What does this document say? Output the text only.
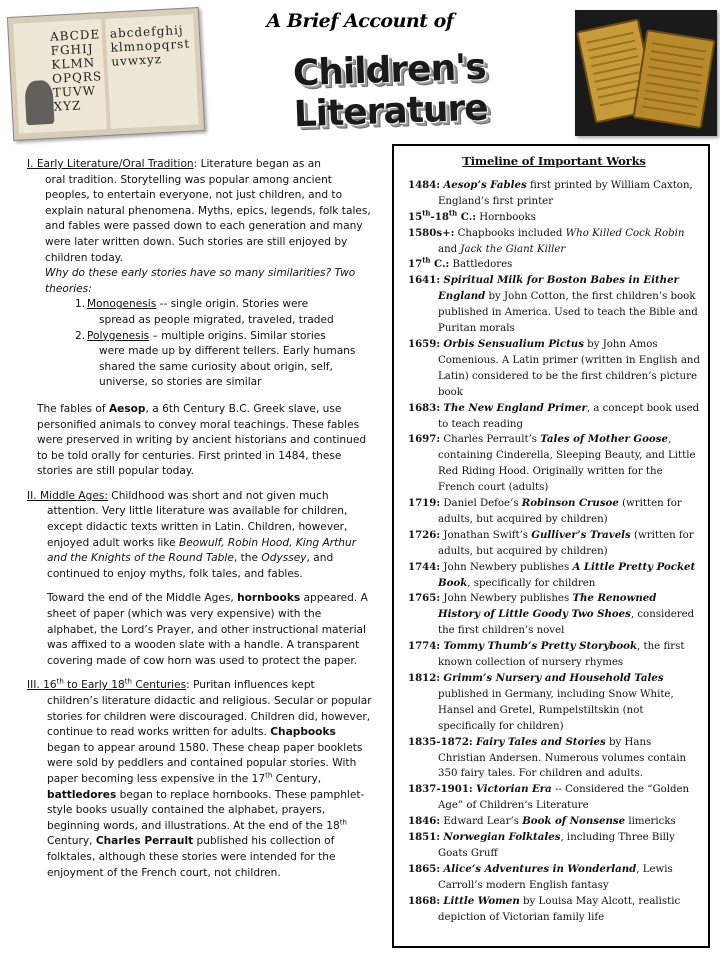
ABCDEFGHIJKLMNOPQRSTUVWXYZ
abcdefghijklmnopqrstuvwxyz
A Brief Account of
Children's Literature

I. Early Literature/Oral Tradition: Literature began as an

oral tradition. Storytelling was popular among ancient peoples, to entertain everyone, not just children, and to explain natural phenomena. Myths, epics, legends, folk tales, and fables were passed down to each generation and many were later written down. Such stories are still enjoyed by children today.

Why do these early stories have so many similarities? Two theories:

1. Monogenesis -- single origin. Stories were
spread as people migrated, traveled, traded
2. Polygenesis – multiple origins. Similar stories
were made up by different tellers. Early humans shared the same curiosity about origin, self, universe, so stories are similar

The fables of Aesop, a 6th Century B.C. Greek slave, use personified animals to convey moral teachings. These fables were preserved in writing by ancient historians and continued to be told orally for centuries. First printed in 1484, these stories are still popular today.

II. Middle Ages: Childhood was short and not given much

attention. Very little literature was available for children, except didactic texts written in Latin. Children, however, enjoyed adult works like Beowulf, Robin Hood, King Arthur and the Knights of the Round Table, the Odyssey, and continued to enjoy myths, folk tales, and fables.

Toward the end of the Middle Ages, hornbooks appeared. A sheet of paper (which was very expensive) with the alphabet, the Lord’s Prayer, and other instructional material was affixed to a wooden slate with a handle. A transparent covering made of cow horn was used to protect the paper.

III. 16th to Early 18th Centuries: Puritan influences kept

children’s literature didactic and religious. Secular or popular stories for children were discouraged. Children did, however, continue to read works written for adults. Chapbooks began to appear around 1580. These cheap paper booklets were sold by peddlers and contained popular stories. With paper becoming less expensive in the 17th Century, battledores began to replace hornbooks. These pamphlet-style books usually contained the alphabet, prayers, beginning words, and illustrations. At the end of the 18th Century, Charles Perrault published his collection of folktales, although these stories were intended for the enjoyment of the French court, not children.

Timeline of Important Works

1484: Aesop’s Fables first printed by William Caxton, England’s first printer

15th-18th C.: Hornbooks

1580s+: Chapbooks included Who Killed Cock Robin and Jack the Giant Killer

17th C.: Battledores

1641: Spiritual Milk for Boston Babes in Either England by John Cotton, the first children’s book published in America. Used to teach the Bible and Puritan morals

1659: Orbis Sensualium Pictus by John Amos Comenious. A Latin primer (written in English and Latin) considered to be the first children’s picture book

1683: The New England Primer, a concept book used to teach reading

1697: Charles Perrault’s Tales of Mother Goose, containing Cinderella, Sleeping Beauty, and Little Red Riding Hood. Originally written for the French court (adults)

1719: Daniel Defoe’s Robinson Crusoe (written for adults, but acquired by children)

1726: Jonathan Swift’s Gulliver’s Travels (written for adults, but acquired by children)

1744: John Newbery publishes A Little Pretty Pocket Book, specifically for children

1765: John Newbery publishes The Renowned History of Little Goody Two Shoes, considered the first children’s novel

1774: Tommy Thumb’s Pretty Storybook, the first known collection of nursery rhymes

1812: Grimm’s Nursery and Household Tales published in Germany, including Snow White, Hansel and Gretel, Rumpelstiltskin (not specifically for children)

1835-1872: Fairy Tales and Stories by Hans Christian Andersen. Numerous volumes contain 350 fairy tales. For children and adults.

1837-1901: Victorian Era -- Considered the “Golden Age” of Children’s Literature

1846: Edward Lear’s Book of Nonsense limericks

1851: Norwegian Folktales, including Three Billy Goats Gruff

1865: Alice’s Adventures in Wonderland, Lewis Carroll’s modern English fantasy

1868: Little Women by Louisa May Alcott, realistic depiction of Victorian family life
